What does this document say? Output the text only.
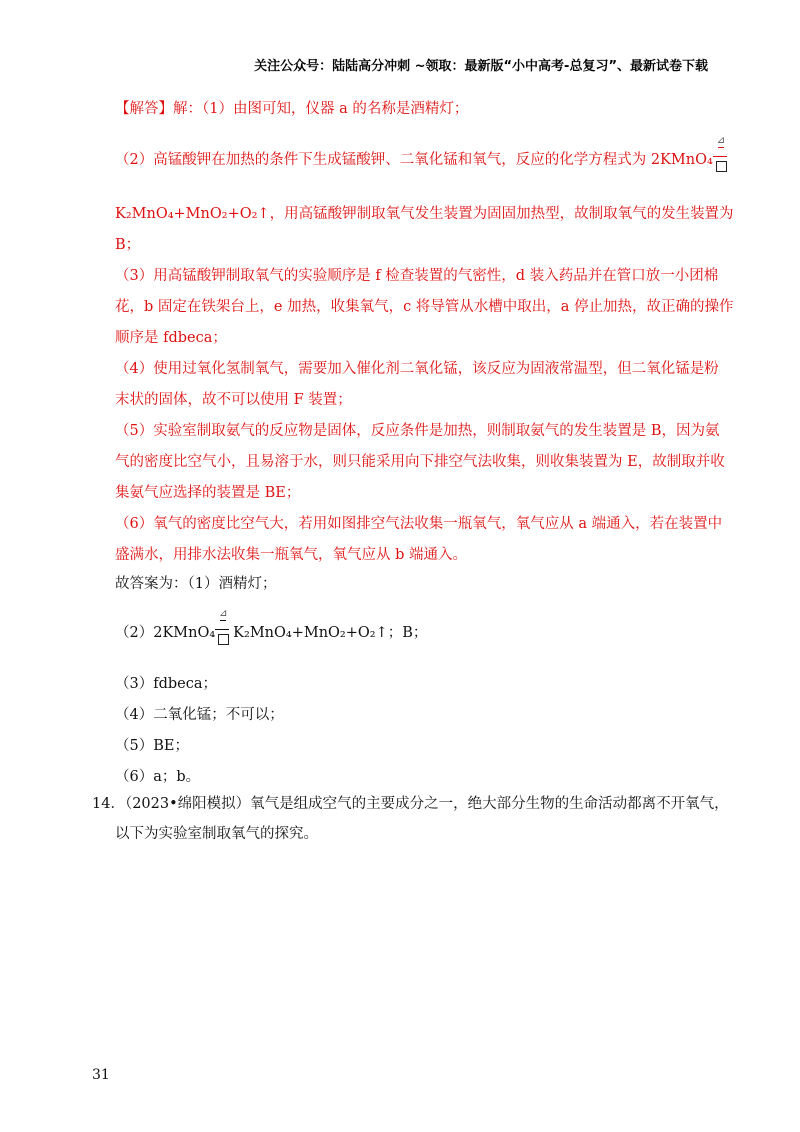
关注公众号：陆陆高分冲刺 ~领取：最新版“小中高考-总复习”、最新试卷下载
【解答】解：（1）由图可知，仪器 a 的名称是酒精灯；
（2）高锰酸钾在加热的条件下生成锰酸钾、二氧化锰和氧气，反应的化学方程式为 2KMnO₄
⊿
K₂MnO₄+MnO₂+O₂↑，用高锰酸钾制取氧气发生装置为固固加热型，故制取氧气的发生装置为
B；
（3）用高锰酸钾制取氧气的实验顺序是 f 检查装置的气密性，d 装入药品并在管口放一小团棉
花，b 固定在铁架台上，e 加热，收集氧气，c 将导管从水槽中取出，a 停止加热，故正确的操作
顺序是 fdbeca；
（4）使用过氧化氢制氧气，需要加入催化剂二氧化锰，该反应为固液常温型，但二氧化锰是粉
末状的固体，故不可以使用 F 装置；
（5）实验室制取氨气的反应物是固体，反应条件是加热，则制取氨气的发生装置是 B，因为氨
气的密度比空气小，且易溶于水，则只能采用向下排空气法收集，则收集装置为 E，故制取并收
集氨气应选择的装置是 BE；
（6）氧气的密度比空气大，若用如图排空气法收集一瓶氧气，氧气应从 a 端通入，若在装置中
盛满水，用排水法收集一瓶氧气，氧气应从 b 端通入。
故答案为：（1）酒精灯；
（2）2KMnO₄
⊿
K₂MnO₄+MnO₂+O₂↑；B；
（3）fdbeca；
（4）二氧化锰；不可以；
（5）BE；
（6）a；b。
14．（2023•绵阳模拟）氧气是组成空气的主要成分之一，绝大部分生物的生命活动都离不开氧气，
以下为实验室制取氧气的探究。
31
